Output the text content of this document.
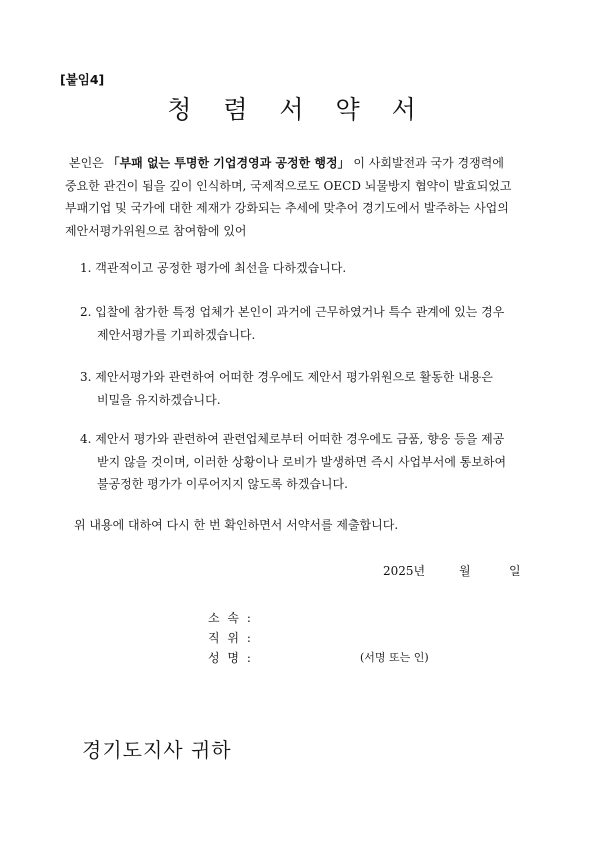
[붙임4]
청 렴 서 약 서
본인은 「부패 없는 투명한 기업경영과 공정한 행정」 이 사회발전과 국가 경쟁력에
중요한 관건이 됨을 깊이 인식하며, 국제적으로도 OECD 뇌물방지 협약이 발효되었고
부패기업 및 국가에 대한 제재가 강화되는 추세에 맞추어 경기도에서 발주하는 사업의
제안서평가위원으로 참여함에 있어
1. 객관적이고 공정한 평가에 최선을 다하겠습니다.
2. 입찰에 참가한 특정 업체가 본인이 과거에 근무하였거나 특수 관계에 있는 경우
제안서평가를 기피하겠습니다.
3. 제안서평가와 관련하여 어떠한 경우에도 제안서 평가위원으로 활동한 내용은
비밀을 유지하겠습니다.
4. 제안서 평가와 관련하여 관련업체로부터 어떠한 경우에도 금품, 향응 등을 제공
받지 않을 것이며, 이러한 상황이나 로비가 발생하면 즉시 사업부서에 통보하여
불공정한 평가가 이루어지지 않도록 하겠습니다.
위 내용에 대하여 다시 한 번 확인하면서 서약서를 제출합니다.
2025년	월	일
소 속 :
직 위 :
성 명 :	(서명 또는 인)
경기도지사 귀하
